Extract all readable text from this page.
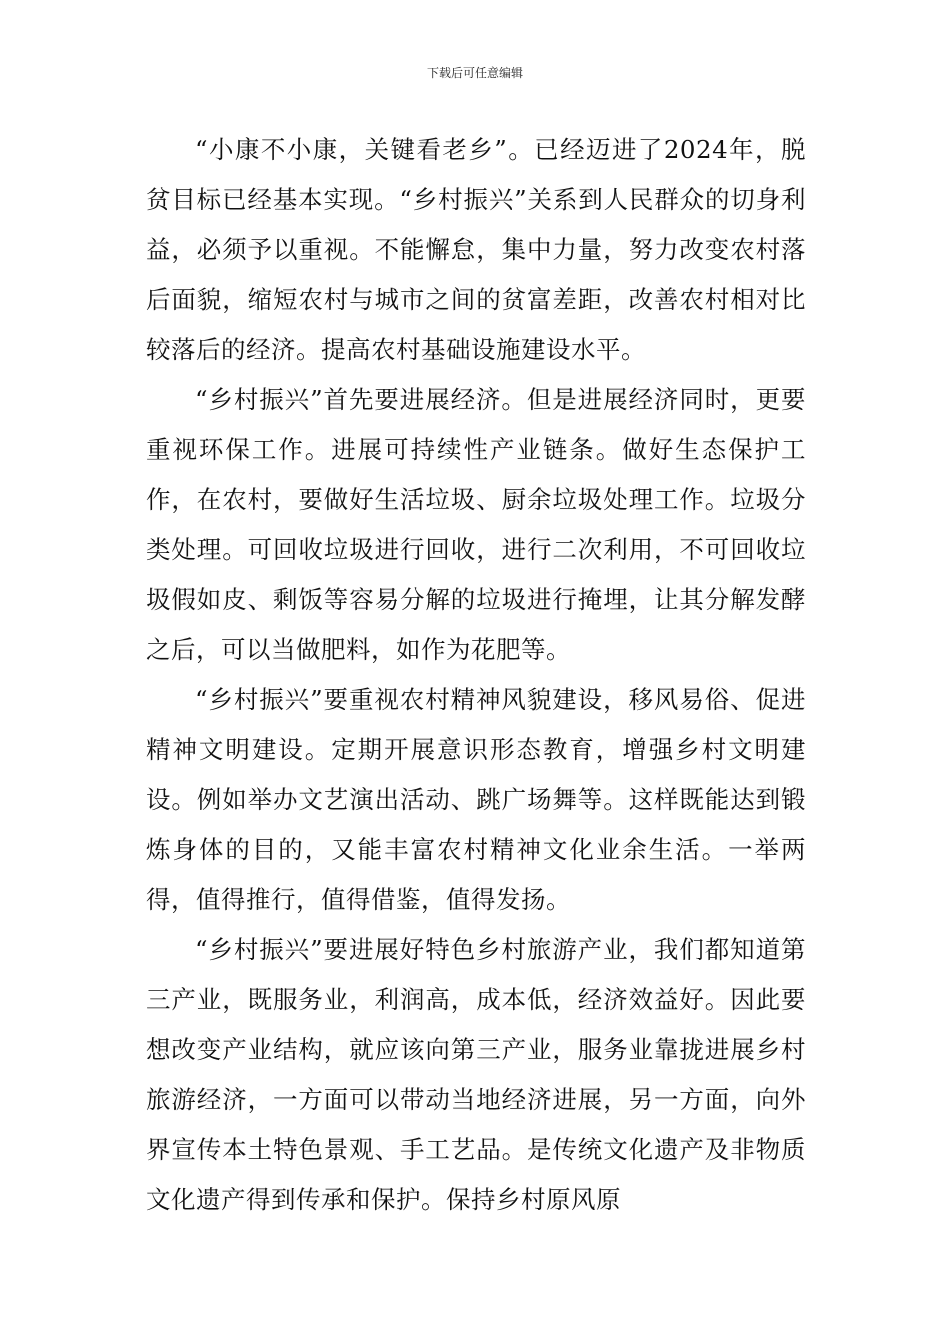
下载后可任意编辑

“小康不小康，关键看老乡”。已经迈进了2024年，脱贫目标已经基本实现。“乡村振兴”关系到人民群众的切身利益，必须予以重视。不能懈怠，集中力量，努力改变农村落后面貌，缩短农村与城市之间的贫富差距，改善农村相对比较落后的经济。提高农村基础设施建设水平。

“乡村振兴”首先要进展经济。但是进展经济同时，更要重视环保工作。进展可持续性产业链条。做好生态保护工作，在农村，要做好生活垃圾、厨余垃圾处理工作。垃圾分类处理。可回收垃圾进行回收，进行二次利用，不可回收垃圾假如皮、剩饭等容易分解的垃圾进行掩埋，让其分解发酵之后，可以当做肥料，如作为花肥等。

“乡村振兴”要重视农村精神风貌建设，移风易俗、促进精神文明建设。定期开展意识形态教育，增强乡村文明建设。例如举办文艺演出活动、跳广场舞等。这样既能达到锻炼身体的目的，又能丰富农村精神文化业余生活。一举两得，值得推行，值得借鉴，值得发扬。

“乡村振兴”要进展好特色乡村旅游产业，我们都知道第三产业，既服务业，利润高，成本低，经济效益好。因此要想改变产业结构，就应该向第三产业，服务业靠拢进展乡村旅游经济，一方面可以带动当地经济进展，另一方面，向外界宣传本土特色景观、手工艺品。是传统文化遗产及非物质文化遗产得到传承和保护。保持乡村原风原
